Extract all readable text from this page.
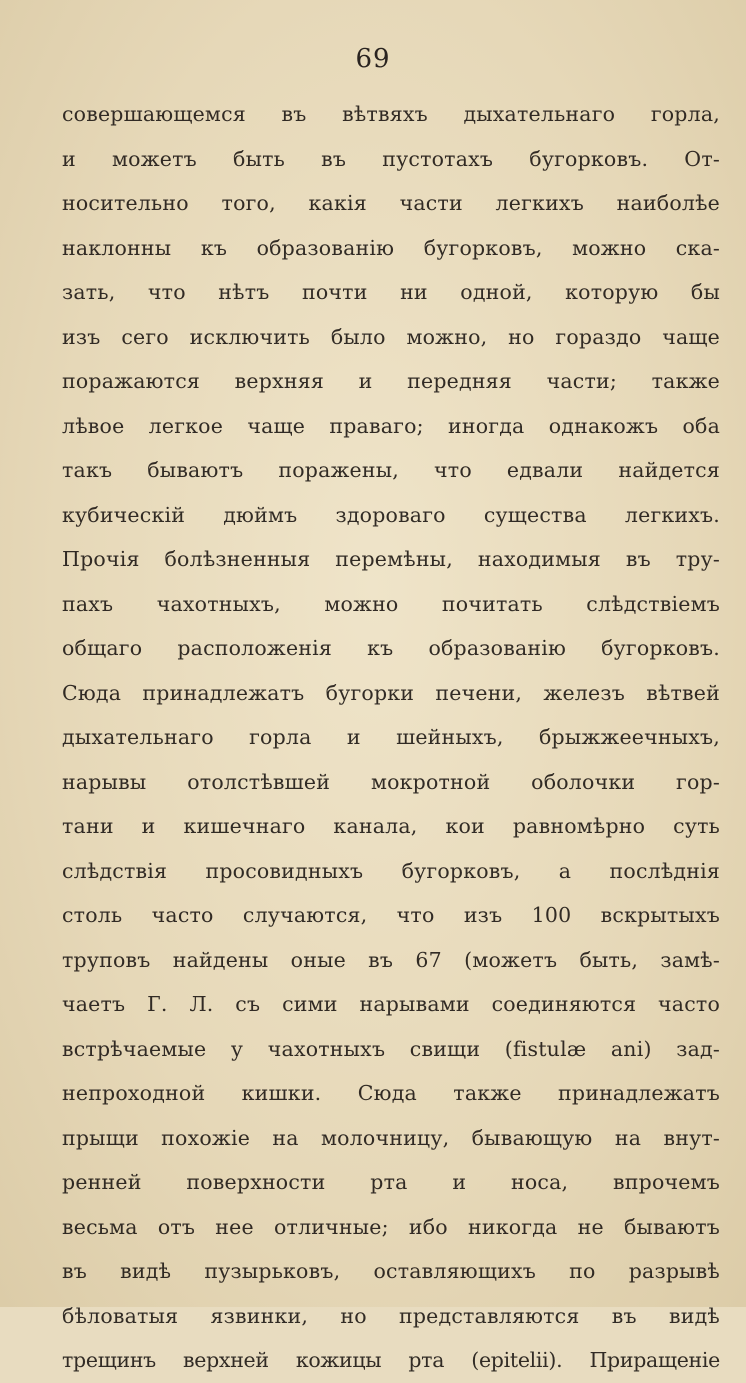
69
совершающемся въ вѣтвяхъ дыхательнаго горла,
и можетъ быть въ пустотахъ бугорковъ. От-
носительно того, какія части легкихъ наиболѣе
наклонны къ образованію бугорковъ, можно ска-
зать, что нѣтъ почти ни одной, которую бы
изъ сего исключить было можно, но гораздо чаще
поражаются верхняя и передняя части; также
лѣвое легкое чаще праваго; иногда однакожъ оба
такъ бываютъ поражены, что едвали найдется
кубическій дюймъ здороваго существа легкихъ.
Прочія болѣзненныя перемѣны, находимыя въ тру-
пахъ чахотныхъ, можно почитать слѣдствіемъ
общаго расположенія къ образованію бугорковъ.
Сюда принадлежатъ бугорки печени, железъ вѣтвей
дыхательнаго горла и шейныхъ, брыжжеечныхъ,
нарывы отолстѣвшей мокротной оболочки гор-
тани и кишечнаго канала, кои равномѣрно суть
слѣдствія просовидныхъ бугорковъ, а послѣднія
столь часто случаются, что изъ 100 вскрытыхъ
труповъ найдены оные въ 67 (можетъ быть, замѣ-
чаетъ Г. Л. съ сими нарывами соединяются часто
встрѣчаемые у чахотныхъ свищи (fistulæ ani) зад-
непроходной кишки. Сюда также принадлежатъ
прыщи похожіе на молочницу, бывающую на внут-
ренней поверхности рта и носа, впрочемъ
весьма отъ нее отличные; ибо никогда не бываютъ
въ видѣ пузырьковъ, оставляющихъ по разрывѣ
бѣловатыя язвинки, но представляются въ видѣ
трещинъ верхней кожицы рта (epitelii). Приращеніе
